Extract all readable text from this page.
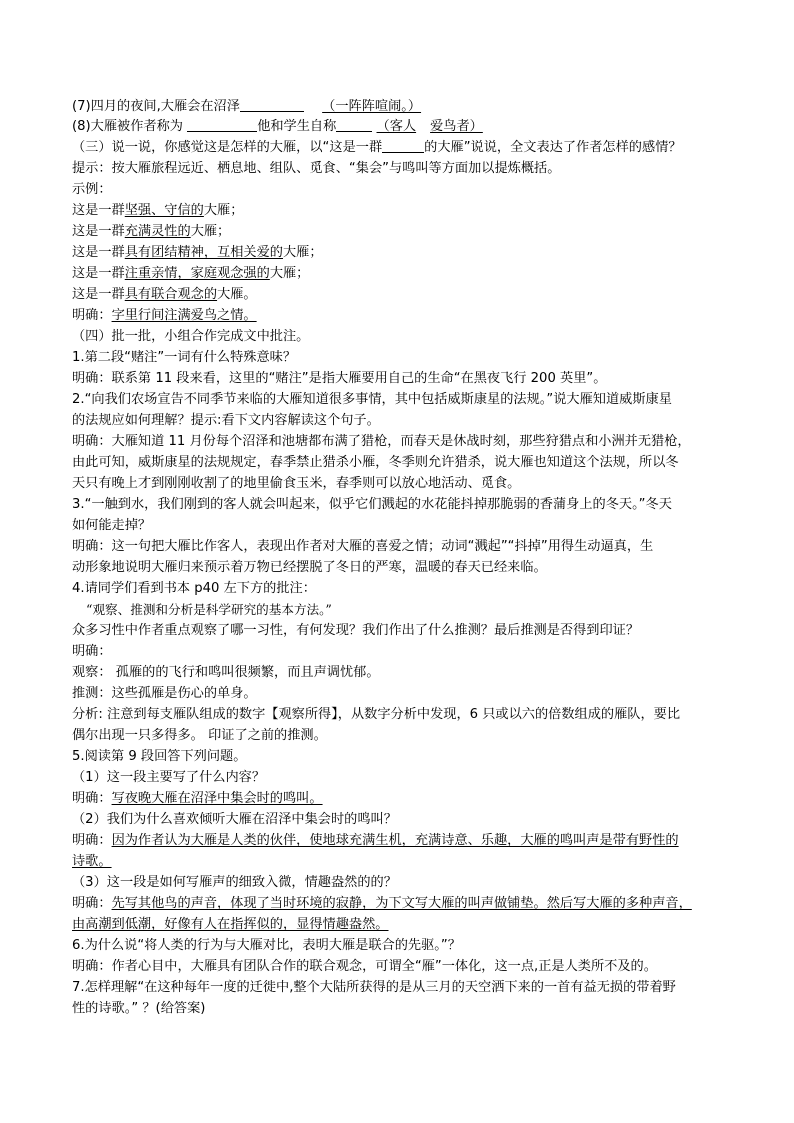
(7)四月的夜间,大雁会在沼泽	（一阵阵喧闹。）
(8)大雁被作者称为	他和学生自称	（客人 爱鸟者）
（三）说一说，你感觉这是怎样的大雁，以“这是一群	的大雁”说说，全文表达了作者怎样的感情？
提示：按大雁旅程远近、栖息地、组队、觅食、“集会”与鸣叫等方面加以提炼概括。
示例：
这是一群坚强、守信的大雁；
这是一群充满灵性的大雁；
这是一群具有团结精神，互相关爱的大雁；
这是一群注重亲情，家庭观念强的大雁；
这是一群具有联合观念的大雁。
明确：字里行间注满爱鸟之情。
（四）批一批，小组合作完成文中批注。
1.第二段“赌注”一词有什么特殊意味？
明确：联系第 11 段来看，这里的“赌注”是指大雁要用自己的生命“在黑夜飞行 200 英里”。
2.“向我们农场宣告不同季节来临的大雁知道很多事情，其中包括威斯康星的法规。”说大雁知道威斯康星
的法规应如何理解？提示:看下文内容解读这个句子。
明确：大雁知道 11 月份每个沼泽和池塘都布满了猎枪，而春天是休战时刻，那些狩猎点和小洲并无猎枪，
由此可知，威斯康星的法规规定，春季禁止猎杀小雁，冬季则允许猎杀，说大雁也知道这个法规，所以冬
天只有晚上才到刚刚收割了的地里偷食玉米，春季则可以放心地活动、觅食。
3.“一触到水，我们刚到的客人就会叫起来，似乎它们溅起的水花能抖掉那脆弱的香蒲身上的冬天。”冬天
如何能走掉？
明确：这一句把大雁比作客人，表现出作者对大雁的喜爱之情；动词“溅起”“抖掉”用得生动逼真，生
动形象地说明大雁归来预示着万物已经摆脱了冬日的严寒，温暖的春天已经来临。
4.请同学们看到书本 p40 左下方的批注：
“观察、推测和分析是科学研究的基本方法。”
众多习性中作者重点观察了哪一习性，有何发现？我们作出了什么推测？最后推测是否得到印证？
明确：
观察： 孤雁的的飞行和鸣叫很频繁，而且声调忧郁。
推测：这些孤雁是伤心的单身。
分析: 注意到每支雁队组成的数字【观察所得】，从数字分析中发现，6 只或以六的倍数组成的雁队，要比
偶尔出现一只多得多。 印证了之前的推测。
5.阅读第 9 段回答下列问题。
（1）这一段主要写了什么内容？
明确：写夜晚大雁在沼泽中集会时的鸣叫。
（2）我们为什么喜欢倾听大雁在沼泽中集会时的鸣叫？
明确：因为作者认为大雁是人类的伙伴，使地球充满生机，充满诗意、乐趣，大雁的鸣叫声是带有野性的
诗歌。
（3）这一段是如何写雁声的细致入微，情趣盎然的的？
明确：先写其他鸟的声音，体现了当时环境的寂静，为下文写大雁的叫声做铺垫。然后写大雁的多种声音，
由高潮到低潮，好像有人在指挥似的，显得情趣盎然。
6.为什么说“将人类的行为与大雁对比，表明大雁是联合的先驱。”？
明确：作者心目中，大雁具有团队合作的联合观念，可谓全“雁”一体化，这一点,正是人类所不及的。
7.怎样理解“在这种每年一度的迁徙中,整个大陆所获得的是从三月的天空洒下来的一首有益无损的带着野
性的诗歌。” ？(给答案)
